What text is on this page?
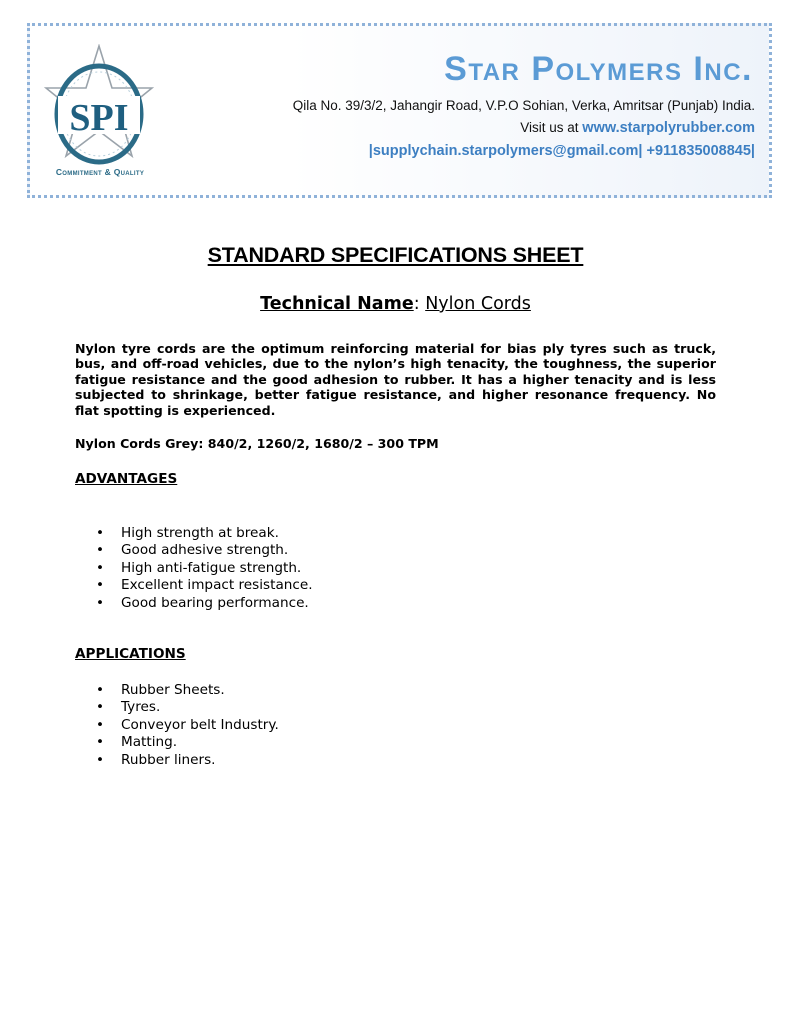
SPI
Commitment & Quality
Star Polymers Inc.
Qila No. 39/3/2, Jahangir Road, V.P.O Sohian, Verka, Amritsar (Punjab) India.
Visit us at www.starpolyrubber.com
|supplychain.starpolymers@gmail.com| +911835008845|
STANDARD SPECIFICATIONS SHEET
Technical Name: Nylon Cords
Nylon tyre cords are the optimum reinforcing material for bias ply tyres such as truck, bus, and off-road vehicles, due to the nylon’s high tenacity, the toughness, the superior fatigue resistance and the good adhesion to rubber. It has a higher tenacity and is less subjected to shrinkage, better fatigue resistance, and higher resonance frequency. No flat spotting is experienced.
Nylon Cords Grey: 840/2, 1260/2, 1680/2 – 300 TPM
ADVANTAGES
• High strength at break.
• Good adhesive strength.
• High anti-fatigue strength.
• Excellent impact resistance.
• Good bearing performance.
APPLICATIONS
• Rubber Sheets.
• Tyres.
• Conveyor belt Industry.
• Matting.
• Rubber liners.
